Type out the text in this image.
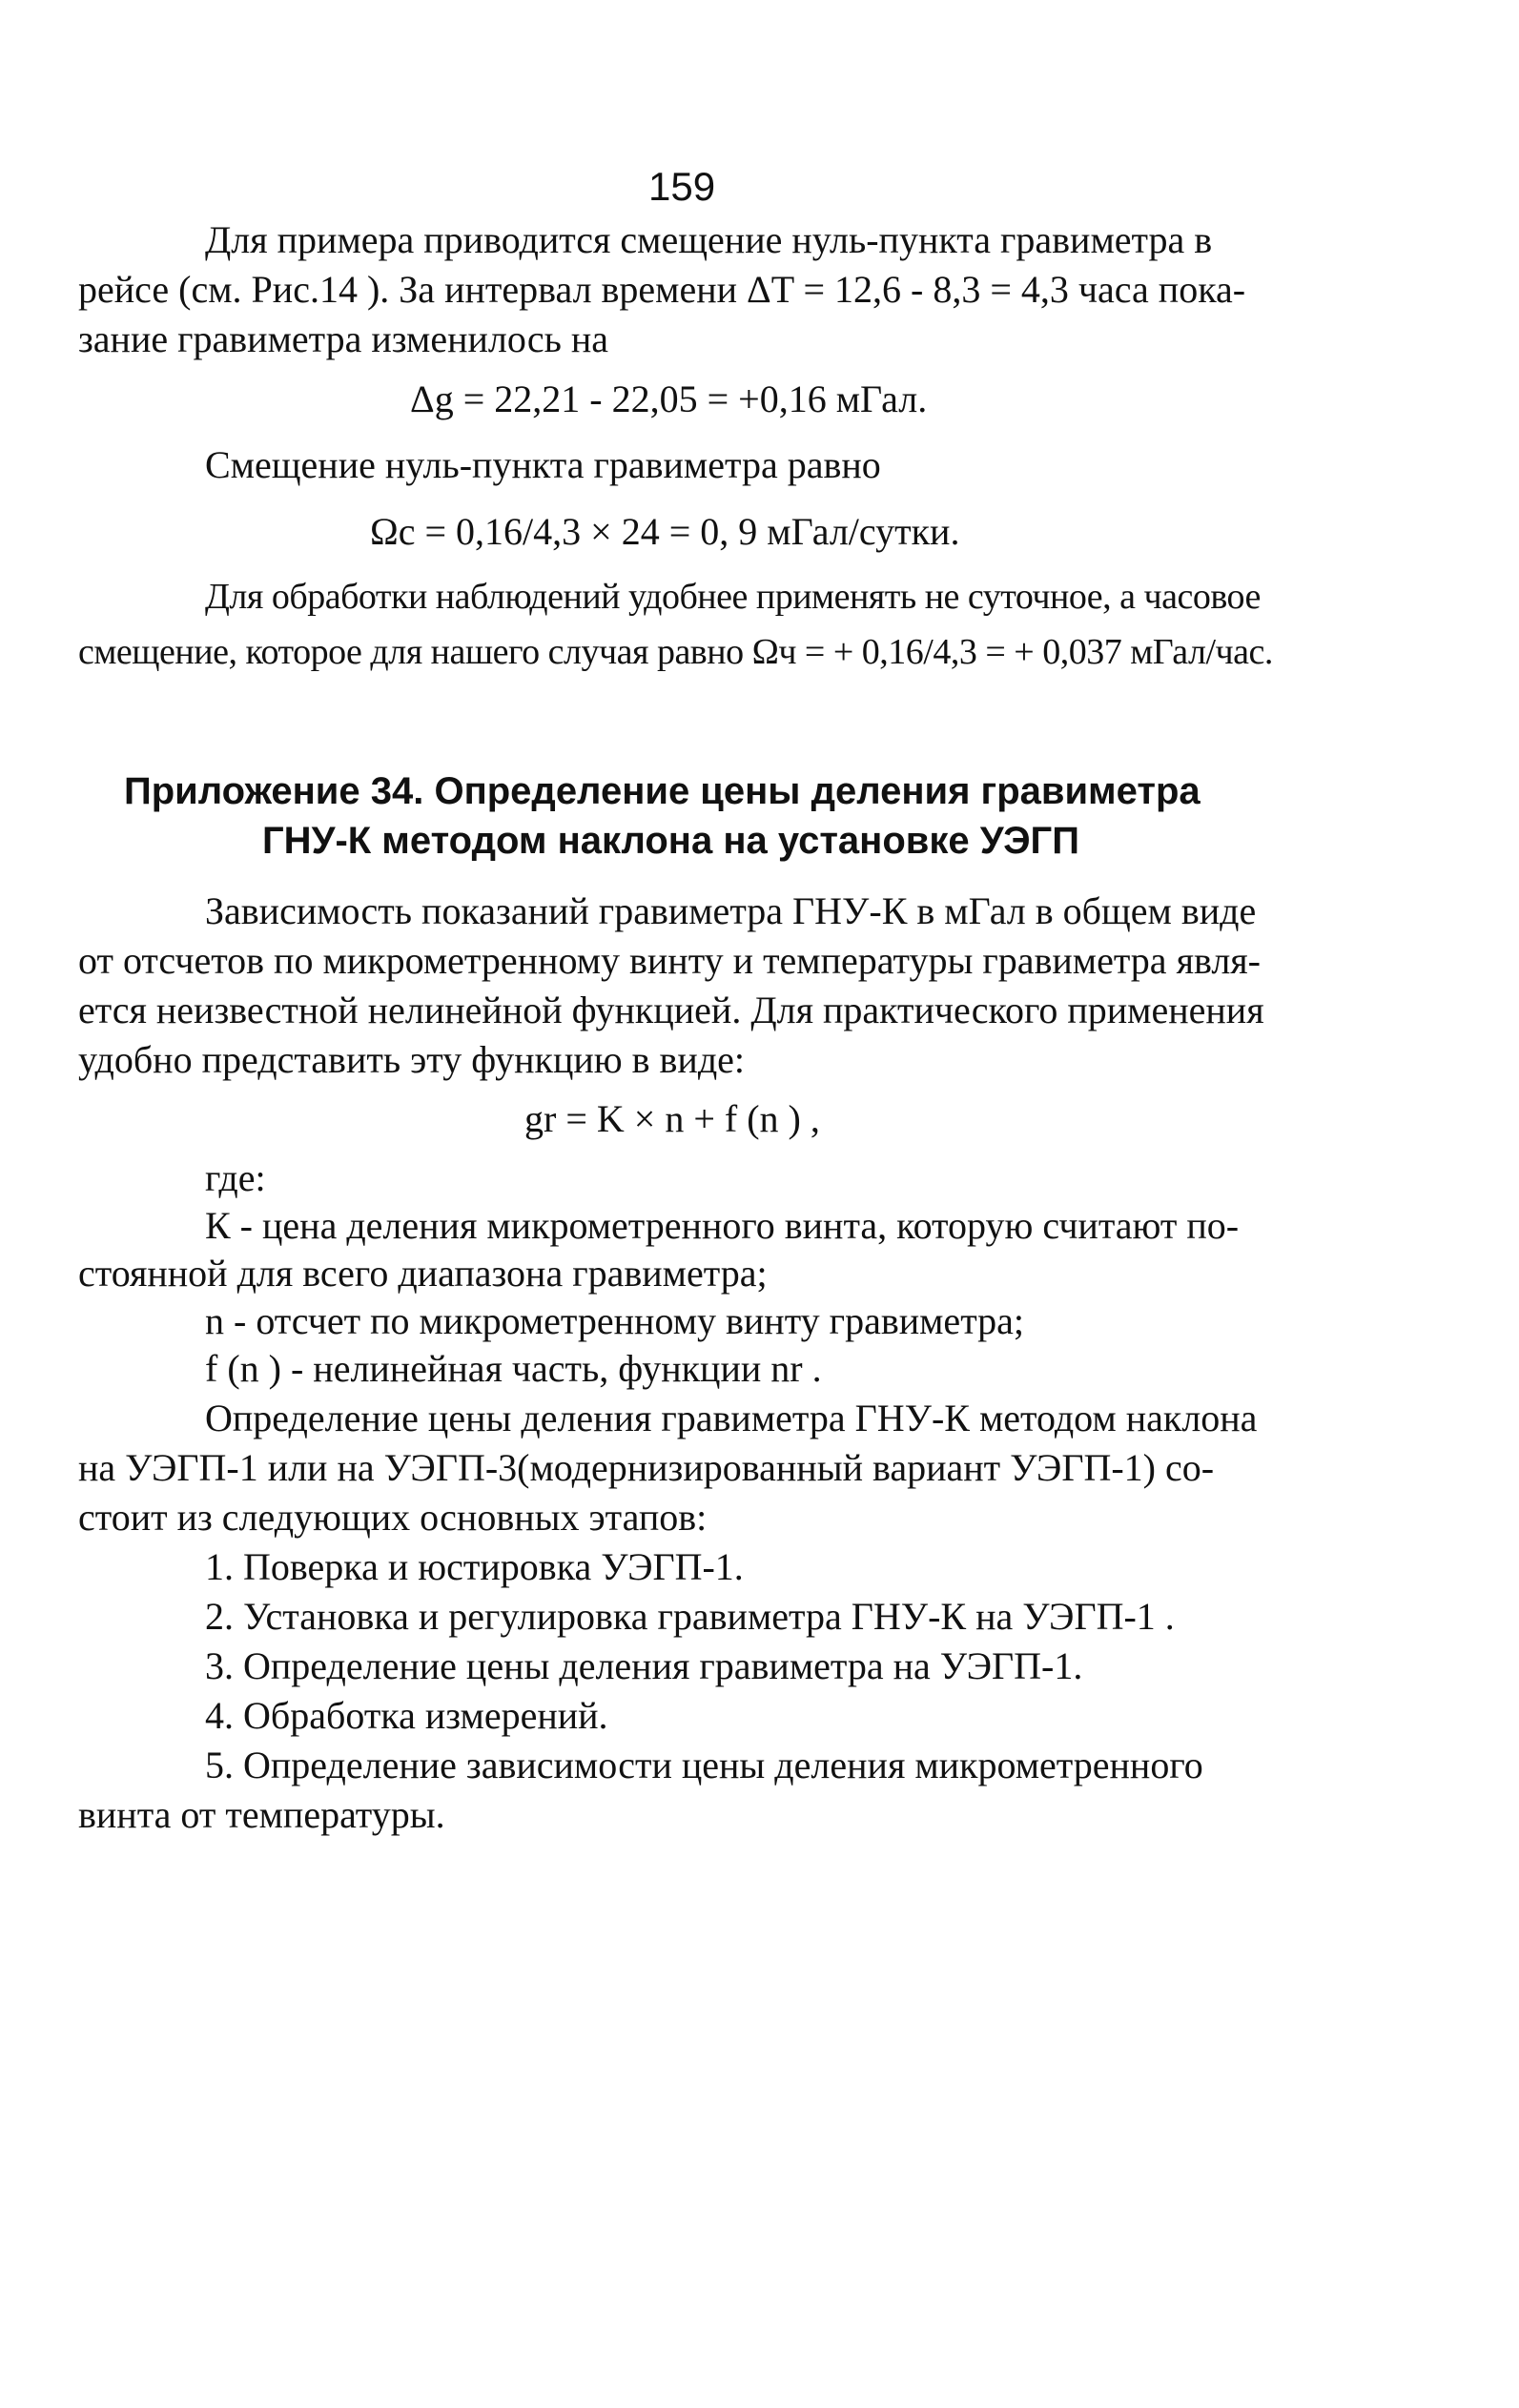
159
Для примера приводится смещение нуль-пункта гравиметра в
рейсе (см. Рис.14 ). За интервал времени ΔT = 12,6 - 8,3 = 4,3 часа пока-
зание гравиметра изменилось на
Δg = 22,21 - 22,05 = +0,16 мГал.
Смещение нуль-пункта гравиметра равно
Ωc = 0,16/4,3 × 24 = 0, 9 мГал/сутки.
Для обработки наблюдений удобнее применять не суточное, а часовое
смещение, которое для нашего случая равно Ωч = + 0,16/4,3 = + 0,037 мГал/час.
Приложение 34. Определение цены деления гравиметра
ГНУ-К методом наклона на установке УЭГП
Зависимость показаний гравиметра ГНУ-К в мГал в общем виде
от отсчетов по микрометренному винту и температуры гравиметра явля-
ется неизвестной нелинейной функцией. Для практического применения
удобно представить эту функцию в виде:
gr = K × n + f (n ) ,
где:
К - цена деления микрометренного винта, которую считают по-
стоянной для всего диапазона гравиметра;
n - отсчет по микрометренному винту гравиметра;
f (n ) - нелинейная часть, функции nr .
Определение цены деления гравиметра ГНУ-К методом наклона
на УЭГП-1 или на УЭГП-3(модернизированный вариант УЭГП-1) со-
стоит из следующих основных этапов:
1. Поверка и юстировка УЭГП-1.
2. Установка и регулировка гравиметра ГНУ-К на УЭГП-1 .
3. Определение цены деления гравиметра на УЭГП-1.
4. Обработка измерений.
5. Определение зависимости цены деления микрометренного
винта от температуры.
